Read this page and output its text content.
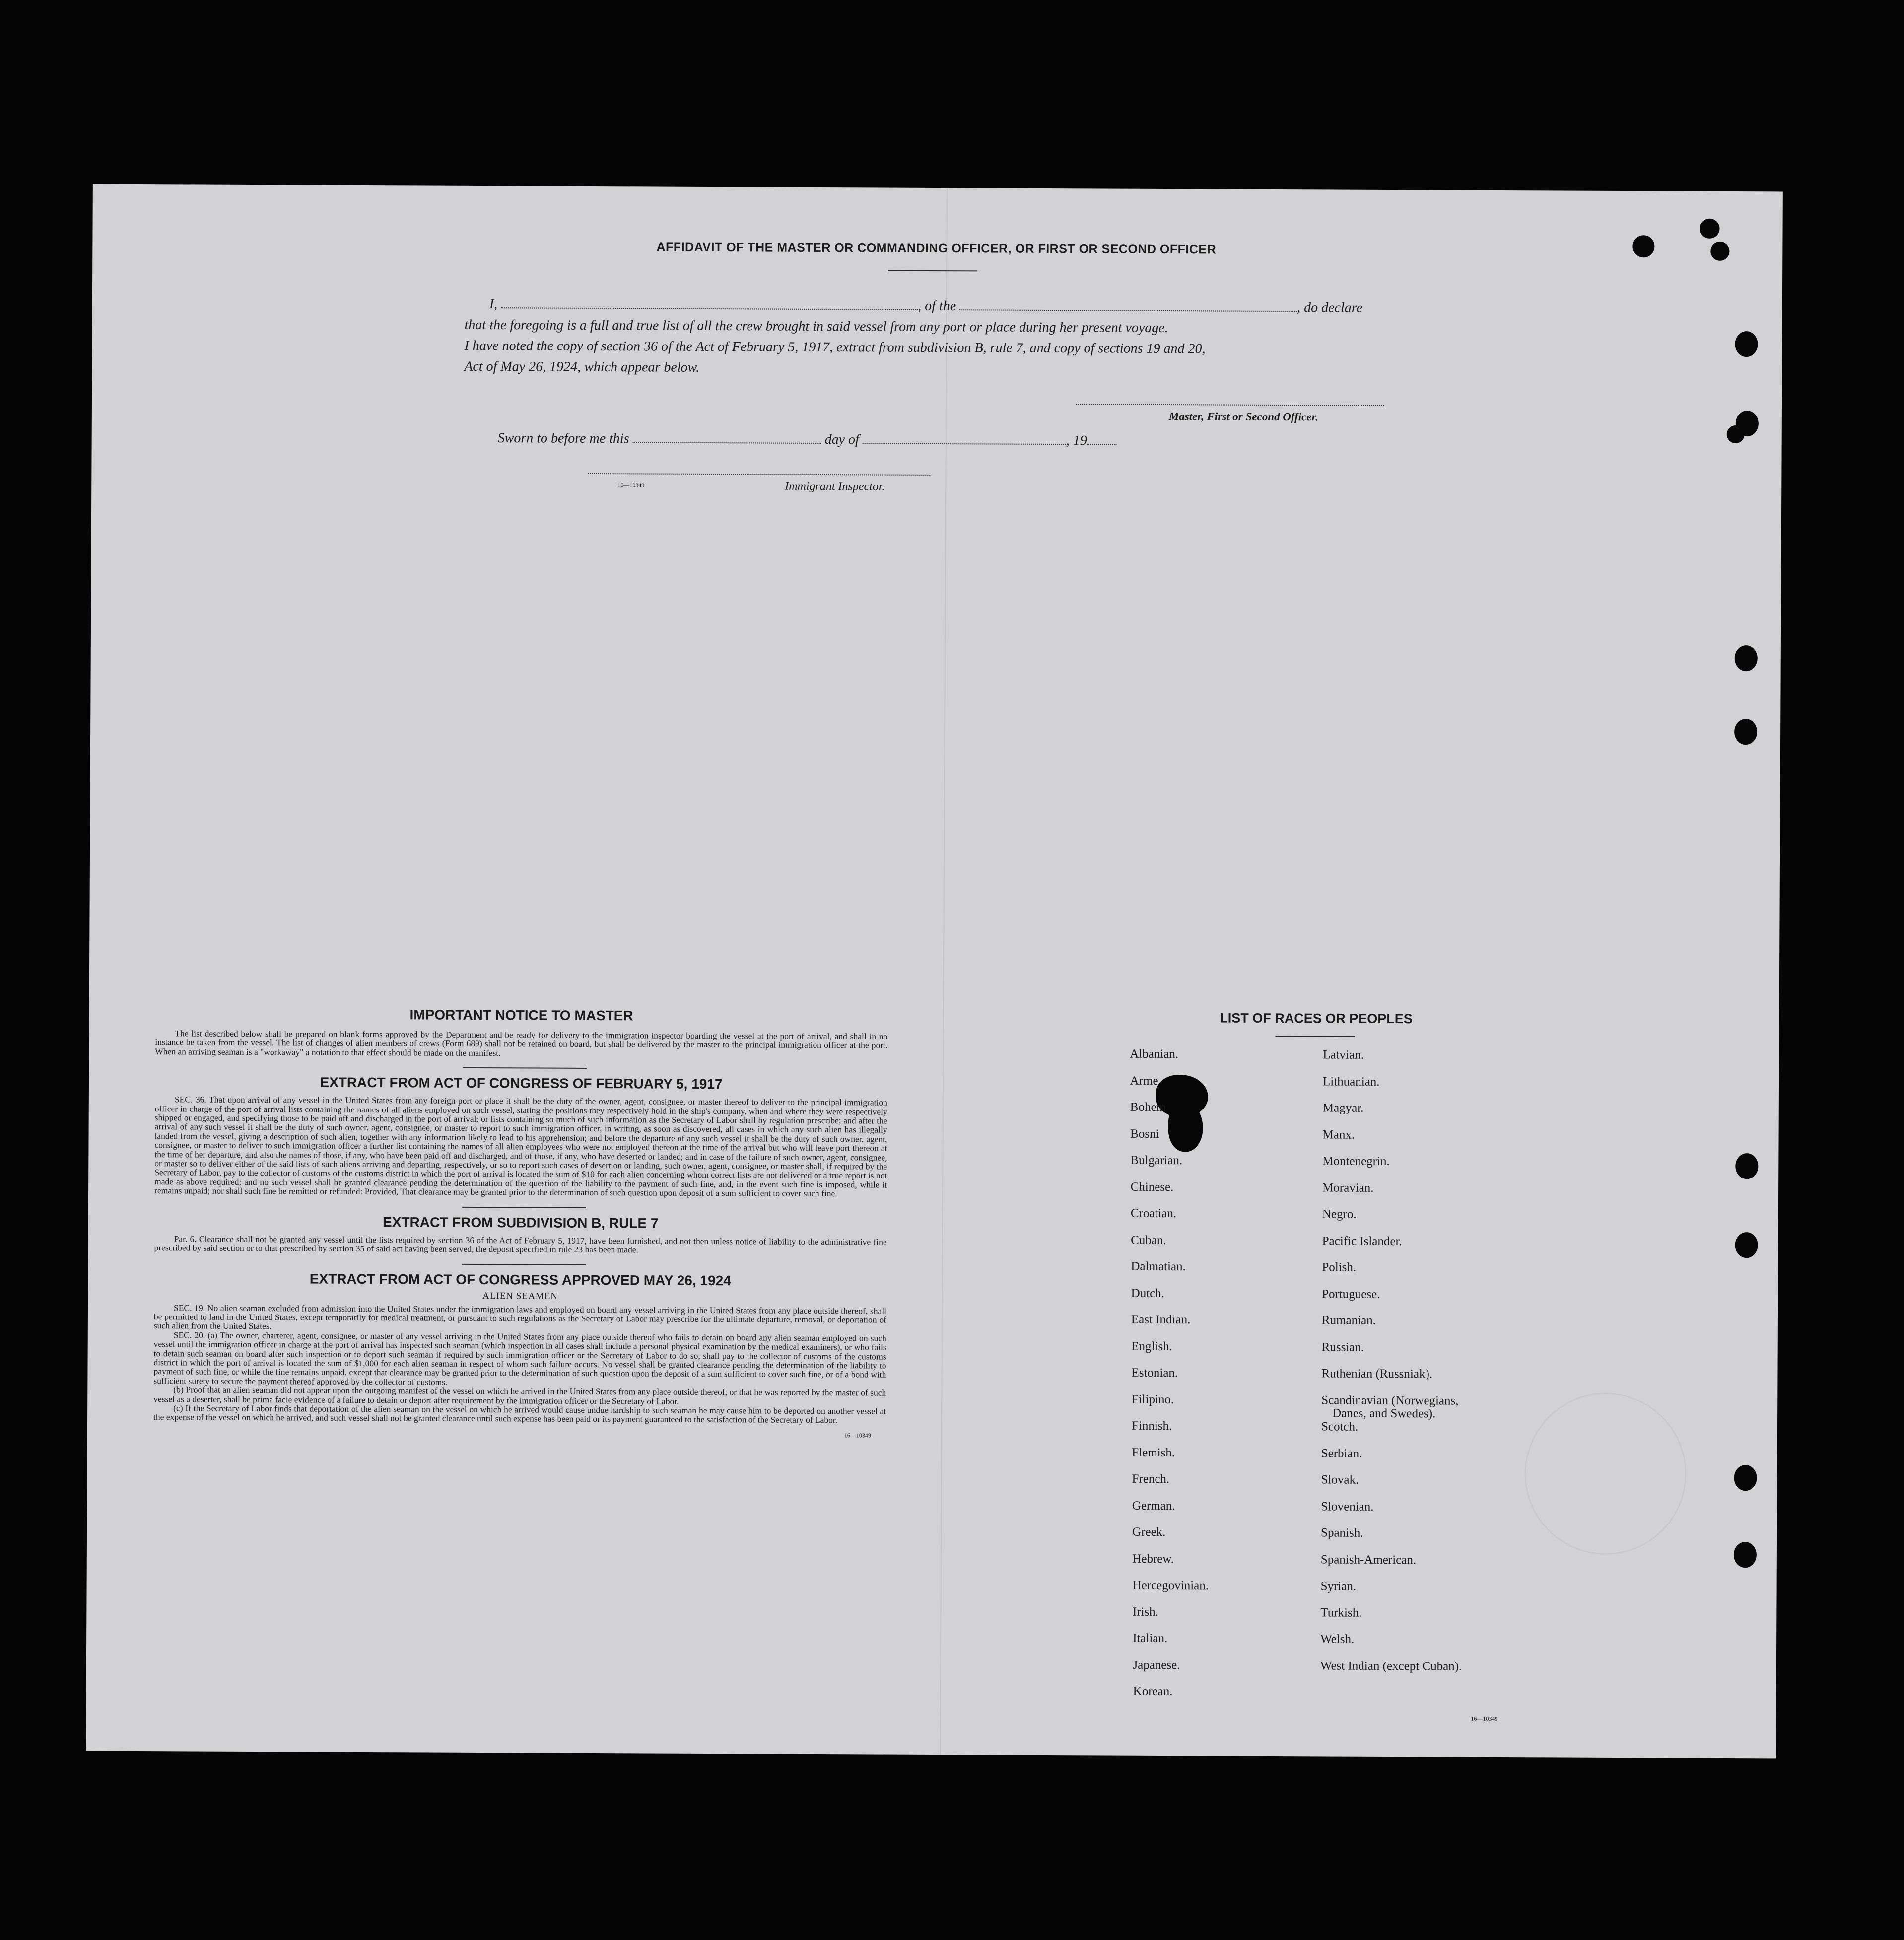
AFFIDAVIT OF THE MASTER OR COMMANDING OFFICER, OR FIRST OR SECOND OFFICER
I,	, of the	, do declare
that the foregoing is a full and true list of all the crew brought in said vessel from any port or place during her present voyage.
I have noted the copy of section 36 of the Act of February 5, 1917, extract from subdivision B, rule 7, and copy of sections 19 and 20,
Act of May 26, 1924, which appear below.
Master, First or Second Officer.
Sworn to before me this	day of	, 19
16—10349	Immigrant Inspector.
IMPORTANT NOTICE TO MASTER

The list described below shall be prepared on blank forms approved by the Department and be ready for delivery to the immigration inspector boarding the vessel at the port of arrival, and shall in no instance be taken from the vessel. The list of changes of alien members of crews (Form 689) shall not be retained on board, but shall be delivered by the master to the principal immigration officer at the port. When an arriving seaman is a "workaway" a notation to that effect should be made on the manifest.

EXTRACT FROM ACT OF CONGRESS OF FEBRUARY 5, 1917

SEC. 36. That upon arrival of any vessel in the United States from any foreign port or place it shall be the duty of the owner, agent, consignee, or master thereof to deliver to the principal immigration officer in charge of the port of arrival lists containing the names of all aliens employed on such vessel, stating the positions they respectively hold in the ship's company, when and where they were respectively shipped or engaged, and specifying those to be paid off and discharged in the port of arrival; or lists containing so much of such information as the Secretary of Labor shall by regulation prescribe; and after the arrival of any such vessel it shall be the duty of such owner, agent, consignee, or master to report to such immigration officer, in writing, as soon as discovered, all cases in which any such alien has illegally landed from the vessel, giving a description of such alien, together with any information likely to lead to his apprehension; and before the departure of any such vessel it shall be the duty of such owner, agent, consignee, or master to deliver to such immigration officer a further list containing the names of all alien employees who were not employed thereon at the time of the arrival but who will leave port thereon at the time of her departure, and also the names of those, if any, who have been paid off and discharged, and of those, if any, who have deserted or landed; and in case of the failure of such owner, agent, consignee, or master so to deliver either of the said lists of such aliens arriving and departing, respectively, or so to report such cases of desertion or landing, such owner, agent, consignee, or master shall, if required by the Secretary of Labor, pay to the collector of customs of the customs district in which the port of arrival is located the sum of $10 for each alien concerning whom correct lists are not delivered or a true report is not made as above required; and no such vessel shall be granted clearance pending the determination of the question of the liability to the payment of such fine, and, in the event such fine is imposed, while it remains unpaid; nor shall such fine be remitted or refunded: Provided, That clearance may be granted prior to the determination of such question upon deposit of a sum sufficient to cover such fine.

EXTRACT FROM SUBDIVISION B, RULE 7

Par. 6. Clearance shall not be granted any vessel until the lists required by section 36 of the Act of February 5, 1917, have been furnished, and not then unless notice of liability to the administrative fine prescribed by said section or to that prescribed by section 35 of said act having been served, the deposit specified in rule 23 has been made.

EXTRACT FROM ACT OF CONGRESS APPROVED MAY 26, 1924
ALIEN SEAMEN

SEC. 19. No alien seaman excluded from admission into the United States under the immigration laws and employed on board any vessel arriving in the United States from any place outside thereof, shall be permitted to land in the United States, except temporarily for medical treatment, or pursuant to such regulations as the Secretary of Labor may prescribe for the ultimate departure, removal, or deportation of such alien from the United States.

SEC. 20. (a) The owner, charterer, agent, consignee, or master of any vessel arriving in the United States from any place outside thereof who fails to detain on board any alien seaman employed on such vessel until the immigration officer in charge at the port of arrival has inspected such seaman (which inspection in all cases shall include a personal physical examination by the medical examiners), or who fails to detain such seaman on board after such inspection or to deport such seaman if required by such immigration officer or the Secretary of Labor to do so, shall pay to the collector of customs of the customs district in which the port of arrival is located the sum of $1,000 for each alien seaman in respect of whom such failure occurs. No vessel shall be granted clearance pending the determination of the liability to payment of such fine, or while the fine remains unpaid, except that clearance may be granted prior to the determination of such question upon the deposit of a sum sufficient to cover such fine, or of a bond with sufficient surety to secure the payment thereof approved by the collector of customs.

(b) Proof that an alien seaman did not appear upon the outgoing manifest of the vessel on which he arrived in the United States from any place outside thereof, or that he was reported by the master of such vessel as a deserter, shall be prima facie evidence of a failure to detain or deport after requirement by the immigration officer or the Secretary of Labor.

(c) If the Secretary of Labor finds that deportation of the alien seaman on the vessel on which he arrived would cause undue hardship to such seaman he may cause him to be deported on another vessel at the expense of the vessel on which he arrived, and such vessel shall not be granted clearance until such expense has been paid or its payment guaranteed to the satisfaction of the Secretary of Labor.

16—10349
LIST OF RACES OR PEOPLES
16—10349
Albanian.
Arme
Bohem
Bosni
Bulgarian.
Chinese.
Croatian.
Cuban.
Dalmatian.
Dutch.
East Indian.
English.
Estonian.
Filipino.
Finnish.
Flemish.
French.
German.
Greek.
Hebrew.
Hercegovinian.
Irish.
Italian.
Japanese.
Korean.
Latvian.
Lithuanian.
Magyar.
Manx.
Montenegrin.
Moravian.
Negro.
Pacific Islander.
Polish.
Portuguese.
Rumanian.
Russian.
Ruthenian (Russniak).
Scandinavian (Norwegians,
Danes, and Swedes).
Scotch.
Serbian.
Slovak.
Slovenian.
Spanish.
Spanish-American.
Syrian.
Turkish.
Welsh.
West Indian (except Cuban).
